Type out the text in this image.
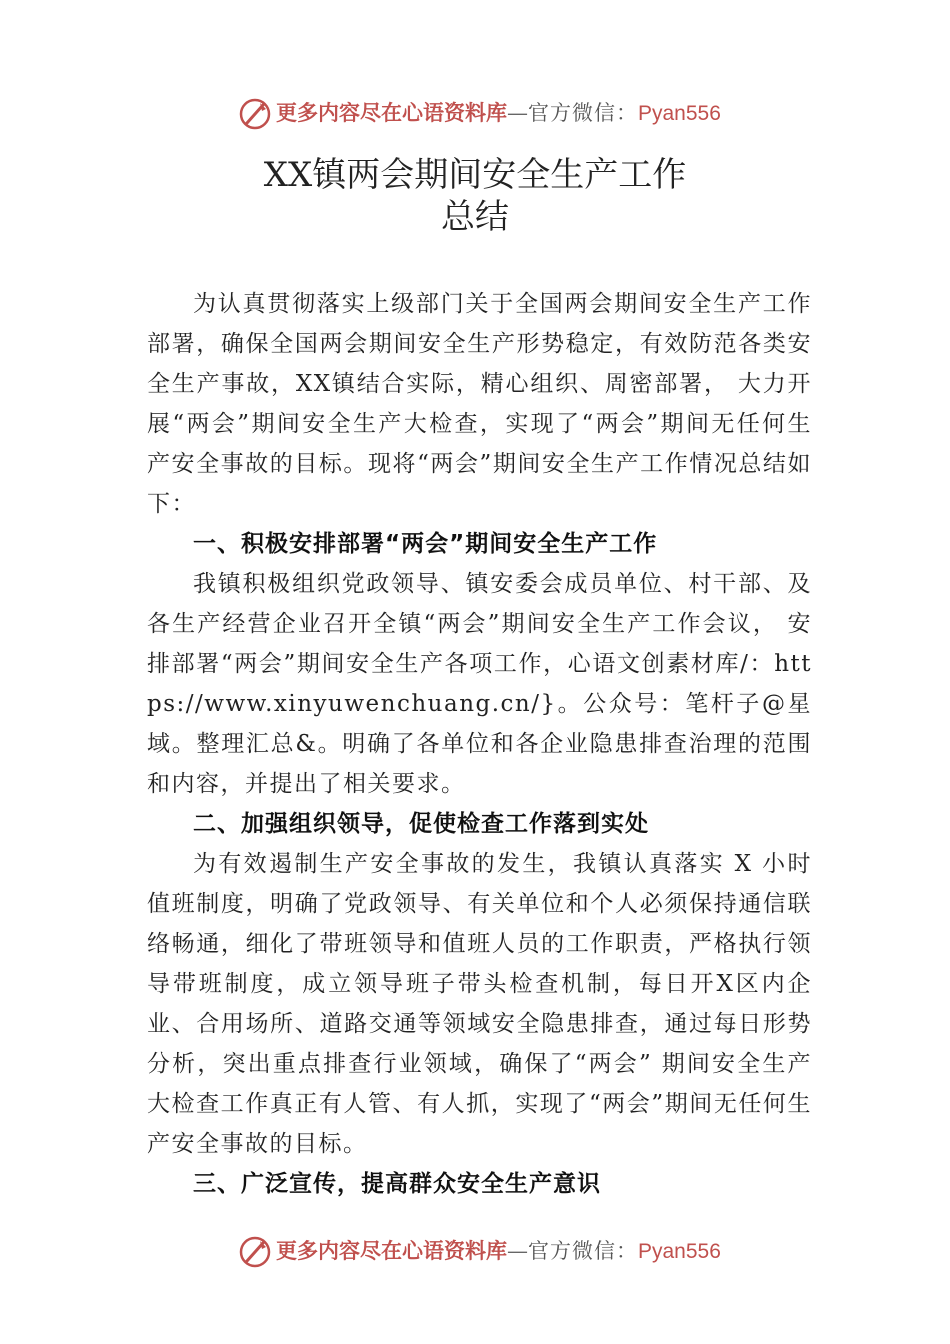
更多内容尽在心语资料库—官方微信：Pyan556
XX镇两会期间安全生产工作
总结

为认真贯彻落实上级部门关于全国两会期间安全生产工作部署，确保全国两会期间安全生产形势稳定，有效防范各类安全生产事故，XX镇结合实际，精心组织、周密部署， 大力开展“两会”期间安全生产大检查，实现了“两会”期间无任何生产安全事故的目标。现将“两会”期间安全生产工作情况总结如下：

一、积极安排部署“两会”期间安全生产工作

我镇积极组织党政领导、镇安委会成员单位、村干部、及各生产经营企业召开全镇“两会”期间安全生产工作会议， 安排部署“两会”期间安全生产各项工作，心语文创素材库/：https://www.xinyuwenchuang.cn/}。公众号：笔杆子@星域。整理汇总&。明确了各单位和各企业隐患排查治理的范围和内容，并提出了相关要求。

二、加强组织领导，促使检查工作落到实处

为有效遏制生产安全事故的发生，我镇认真落实 X 小时值班制度，明确了党政领导、有关单位和个人必须保持通信联络畅通，细化了带班领导和值班人员的工作职责，严格执行领导带班制度，成立领导班子带头检查机制，每日开X区内企业、合用场所、道路交通等领域安全隐患排查，通过每日形势分析，突出重点排查行业领域，确保了“两会” 期间安全生产大检查工作真正有人管、有人抓，实现了“两会”期间无任何生产安全事故的目标。

三、广泛宣传，提高群众安全生产意识

更多内容尽在心语资料库—官方微信：Pyan556
